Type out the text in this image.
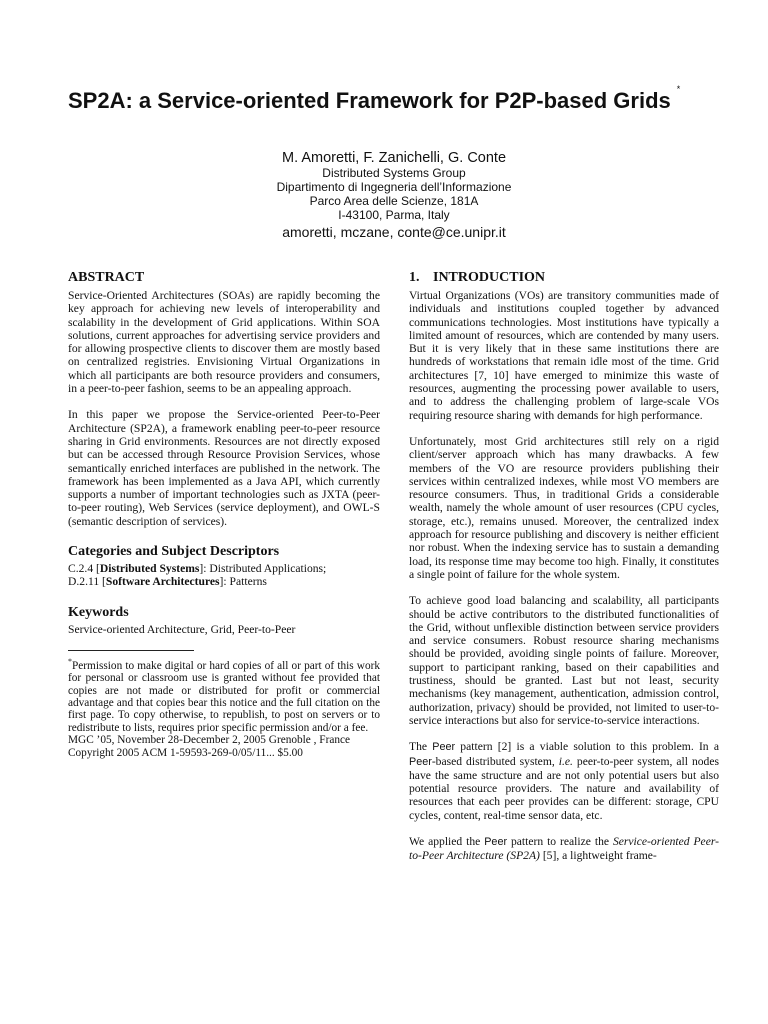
SP2A: a Service-oriented Framework for P2P-based Grids *
M. Amoretti, F. Zanichelli, G. Conte
Distributed Systems Group
Dipartimento di Ingegneria dell’Informazione
Parco Area delle Scienze, 181A
I-43100, Parma, Italy
amoretti, mczane, conte@ce.unipr.it
ABSTRACT

Service-Oriented Architectures (SOAs) are rapidly becoming the key approach for achieving new levels of interoperability and scalability in the development of Grid applications. Within SOA solutions, current approaches for advertising service providers and for allowing prospective clients to discover them are mostly based on centralized registries. Envisioning Virtual Organizations in which all participants are both resource providers and consumers, in a peer-to-peer fashion, seems to be an appealing approach.

In this paper we propose the Service-oriented Peer-to-Peer Architecture (SP2A), a framework enabling peer-to-peer resource sharing in Grid environments. Resources are not directly exposed but can be accessed through Resource Provision Services, whose semantically enriched interfaces are published in the network. The framework has been implemented as a Java API, which currently supports a number of important technologies such as JXTA (peer-to-peer routing), Web Services (service deployment), and OWL-S (semantic description of services).

Categories and Subject Descriptors
C.2.4 [Distributed Systems]: Distributed Applications;
D.2.11 [Software Architectures]: Patterns
Keywords
Service-oriented Architecture, Grid, Peer-to-Peer
*Permission to make digital or hard copies of all or part of this work for personal or classroom use is granted without fee provided that copies are not made or distributed for profit or commercial advantage and that copies bear this notice and the full citation on the first page. To copy otherwise, to republish, to post on servers or to redistribute to lists, requires prior specific permission and/or a fee.
MGC ’05, November 28-December 2, 2005 Grenoble , France
Copyright 2005 ACM 1-59593-269-0/05/11... $5.00
1. INTRODUCTION

Virtual Organizations (VOs) are transitory communities made of individuals and institutions coupled together by advanced communications technologies. Most institutions have typically a limited amount of resources, which are contended by many users. But it is very likely that in these same institutions there are hundreds of workstations that remain idle most of the time. Grid architectures [7, 10] have emerged to minimize this waste of resources, augmenting the processing power available to users, and to address the challenging problem of large-scale VOs requiring resource sharing with demands for high performance.

Unfortunately, most Grid architectures still rely on a rigid client/server approach which has many drawbacks. A few members of the VO are resource providers publishing their services within centralized indexes, while most VO members are resource consumers. Thus, in traditional Grids a considerable wealth, namely the whole amount of user resources (CPU cycles, storage, etc.), remains unused. Moreover, the centralized index approach for resource publishing and discovery is neither efficient nor robust. When the indexing service has to sustain a demanding load, its response time may become too high. Finally, it constitutes a single point of failure for the whole system.

To achieve good load balancing and scalability, all participants should be active contributors to the distributed functionalities of the Grid, without unflexible distinction between service providers and service consumers. Robust resource sharing mechanisms should be provided, avoiding single points of failure. Moreover, support to participant ranking, based on their capabilities and trustiness, should be granted. Last but not least, security mechanisms (key management, authentication, admission control, authorization, privacy) should be provided, not limited to user-to-service interactions but also for service-to-service interactions.

The Peer pattern [2] is a viable solution to this problem. In a Peer-based distributed system, i.e. peer-to-peer system, all nodes have the same structure and are not only potential users but also potential resource providers. The nature and availability of resources that each peer provides can be different: storage, CPU cycles, content, real-time sensor data, etc.

We applied the Peer pattern to realize the Service-oriented Peer-to-Peer Architecture (SP2A) [5], a lightweight frame-
